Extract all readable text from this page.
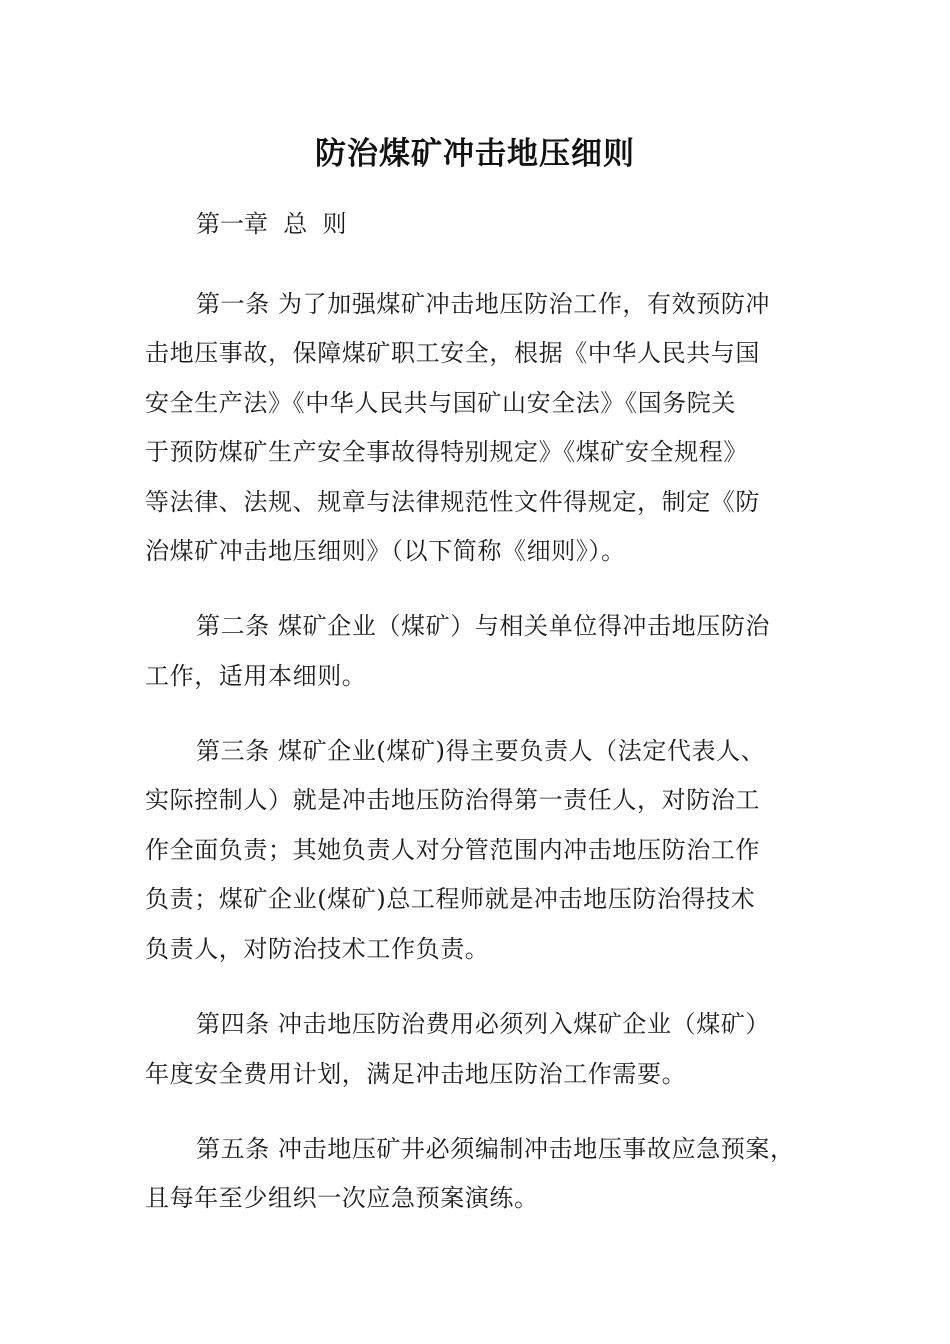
防治煤矿冲击地压细则
第一章  总  则
第一条 为了加强煤矿冲击地压防治工作，有效预防冲
击地压事故，保障煤矿职工安全，根据《中华人民共与国
安全生产法》《中华人民共与国矿山安全法》《国务院关
于预防煤矿生产安全事故得特别规定》《煤矿安全规程》
等法律、法规、规章与法律规范性文件得规定，制定《防
治煤矿冲击地压细则》（以下简称《细则》）。
第二条 煤矿企业（煤矿）与相关单位得冲击地压防治
工作，适用本细则。
第三条 煤矿企业(煤矿)得主要负责人（法定代表人、
实际控制人）就是冲击地压防治得第一责任人，对防治工
作全面负责；其她负责人对分管范围内冲击地压防治工作
负责；煤矿企业(煤矿)总工程师就是冲击地压防治得技术
负责人，对防治技术工作负责。
第四条 冲击地压防治费用必须列入煤矿企业（煤矿）
年度安全费用计划，满足冲击地压防治工作需要。
第五条 冲击地压矿井必须编制冲击地压事故应急预案，
且每年至少组织一次应急预案演练。
